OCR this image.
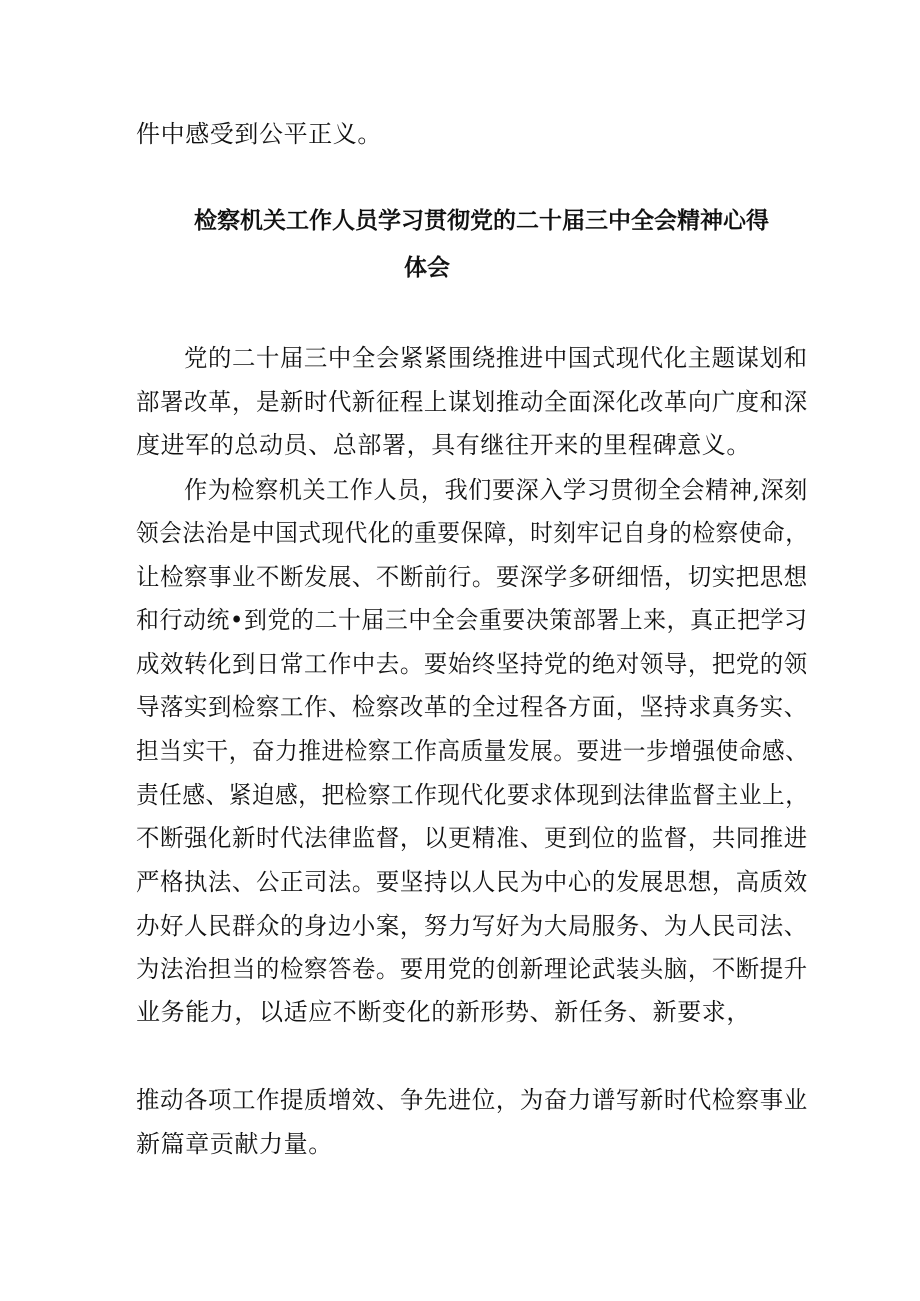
件中感受到公平正义。
检察机关工作人员学习贯彻党的二十届三中全会精神心得
体会
党的二十届三中全会紧紧围绕推进中国式现代化主题谋划和
部署改革，是新时代新征程上谋划推动全面深化改革向广度和深
度进军的总动员、总部署，具有继往开来的里程碑意义。
作为检察机关工作人员，我们要深入学习贯彻全会精神,深刻
领会法治是中国式现代化的重要保障，时刻牢记自身的检察使命，
让检察事业不断发展、不断前行。要深学多研细悟，切实把思想
和行动统•到党的二十届三中全会重要决策部署上来，真正把学习
成效转化到日常工作中去。要始终坚持党的绝对领导，把党的领
导落实到检察工作、检察改革的全过程各方面，坚持求真务实、
担当实干，奋力推进检察工作高质量发展。要进一步增强使命感、
责任感、紧迫感，把检察工作现代化要求体现到法律监督主业上，
不断强化新时代法律监督，以更精准、更到位的监督，共同推进
严格执法、公正司法。要坚持以人民为中心的发展思想，高质效
办好人民群众的身边小案，努力写好为大局服务、为人民司法、
为法治担当的检察答卷。要用党的创新理论武装头脑，不断提升
业务能力，以适应不断变化的新形势、新任务、新要求，
推动各项工作提质增效、争先进位，为奋力谱写新时代检察事业
新篇章贡献力量。
